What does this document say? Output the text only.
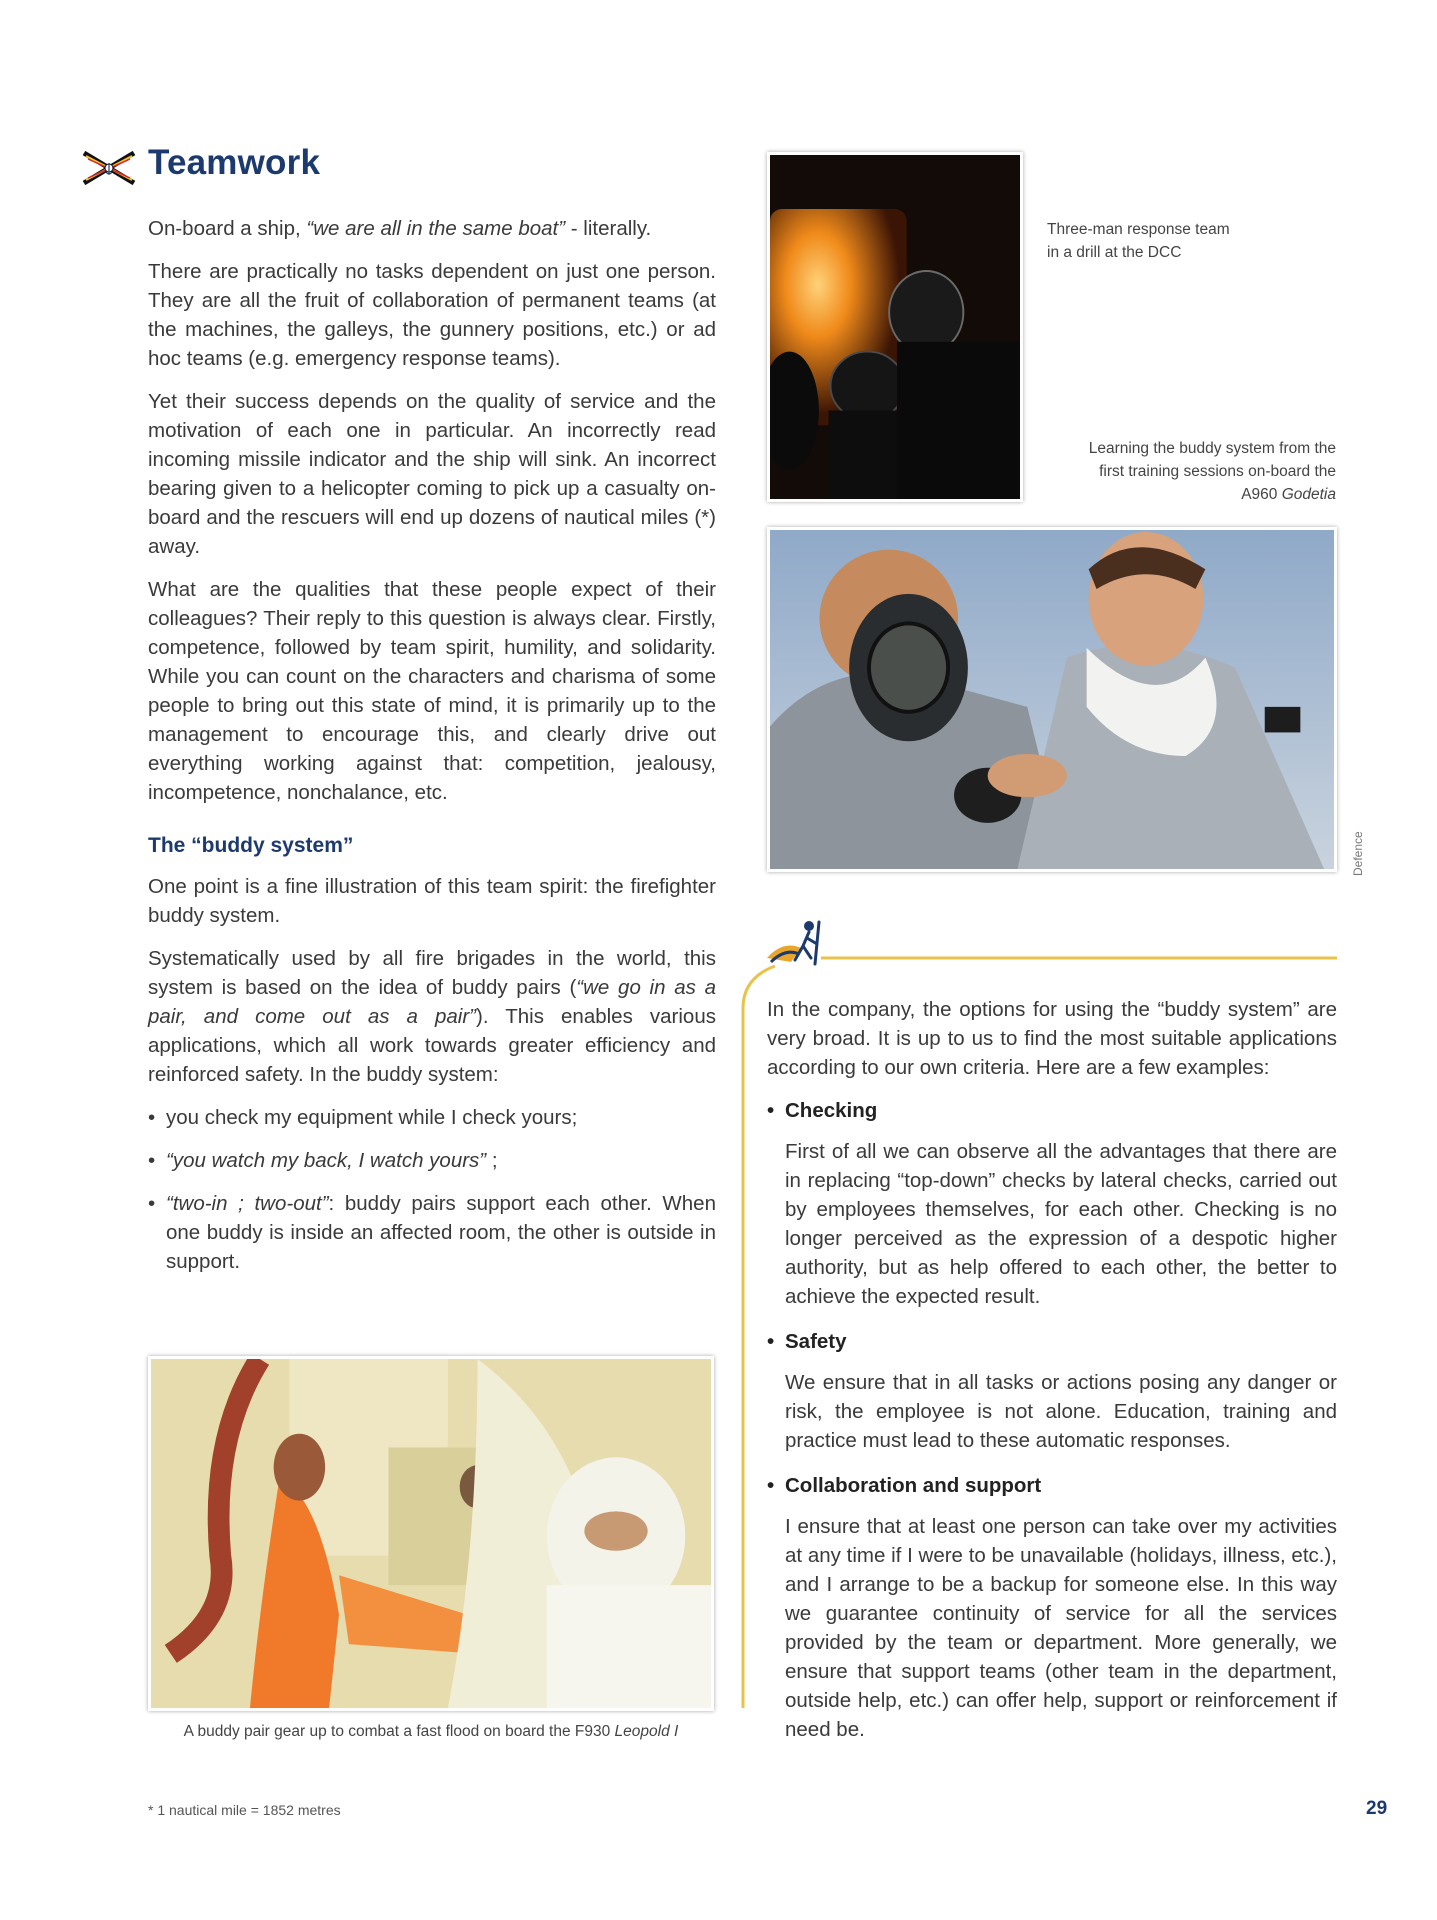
Teamwork

On-board a ship, “we are all in the same boat” - literally.

There are practically no tasks dependent on just one person. They are all the fruit of collaboration of permanent teams (at the machines, the galleys, the gunnery positions, etc.) or ad hoc teams (e.g. emergency response teams).

Yet their success depends on the quality of service and the motivation of each one in particular. An incorrectly read incoming missile indicator and the ship will sink. An incorrect bearing given to a helicopter coming to pick up a casualty on-board and the rescuers will end up dozens of nautical miles (*) away.

What are the qualities that these people expect of their colleagues? Their reply to this question is always clear. Firstly, competence, followed by team spirit, humility, and solidarity. While you can count on the characters and charisma of some people to bring out this state of mind, it is primarily up to the management to encourage this, and clearly drive out everything working against that: competition, jealousy, incompetence, nonchalance, etc.

The “buddy system”

One point is a fine illustration of this team spirit: the firefighter buddy system.

Systematically used by all fire brigades in the world, this system is based on the idea of buddy pairs (“we go in as a pair, and come out as a pair”). This enables various applications, which all work towards greater efficiency and reinforced safety. In the buddy system:

• you check my equipment while I check yours;
• “you watch my back, I watch yours” ;
• “two-in ; two-out”: buddy pairs support each other. When one buddy is inside an affected room, the other is outside in support.
Three-man response team
in a drill at the DCC
Learning the buddy system from the
first training sessions on-board the
A960 Godetia
Defence

In the company, the options for using the “buddy system” are very broad. It is up to us to find the most suitable applications according to our own criteria. Here are a few examples:

• Checking
First of all we can observe all the advantages that there are in replacing “top-down” checks by lateral checks, carried out by employees themselves, for each other. Checking is no longer perceived as the expression of a despotic higher authority, but as help offered to each other, the better to achieve the expected result.
• Safety
We ensure that in all tasks or actions posing any danger or risk, the employee is not alone. Education, training and practice must lead to these automatic responses.
• Collaboration and support
I ensure that at least one person can take over my activities at any time if I were to be unavailable (holidays, illness, etc.), and I arrange to be a backup for someone else. In this way we guarantee continuity of service for all the services provided by the team or department. More generally, we ensure that support teams (other team in the department, outside help, etc.) can offer help, support or reinforcement if need be.
A buddy pair gear up to combat a fast flood on board the F930 Leopold I
* 1 nautical mile = 1852 metres	29
